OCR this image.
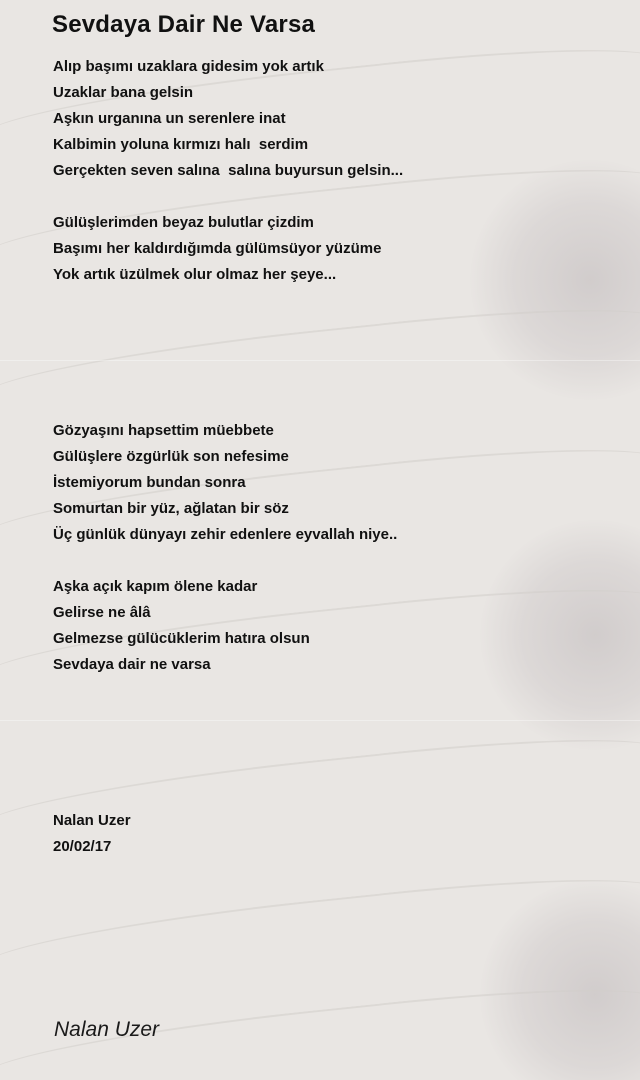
Sevdaya Dair Ne Varsa
Alıp başımı uzaklara gidesim yok artık
Uzaklar bana gelsin
Aşkın urganına un serenlere inat
Kalbimin yoluna kırmızı halı  serdim
Gerçekten seven salına  salına buyursun gelsin...
Gülüşlerimden beyaz bulutlar çizdim
Başımı her kaldırdığımda gülümsüyor yüzüme
Yok artık üzülmek olur olmaz her şeye...
Gözyaşını hapsettim müebbete
Gülüşlere özgürlük son nefesime
İstemiyorum bundan sonra
Somurtan bir yüz, ağlatan bir söz
Üç günlük dünyayı zehir edenlere eyvallah niye..
Aşka açık kapım ölene kadar
Gelirse ne âlâ
Gelmezse gülücüklerim hatıra olsun
Sevdaya dair ne varsa
Nalan Uzer
20/02/17
Nalan Uzer
